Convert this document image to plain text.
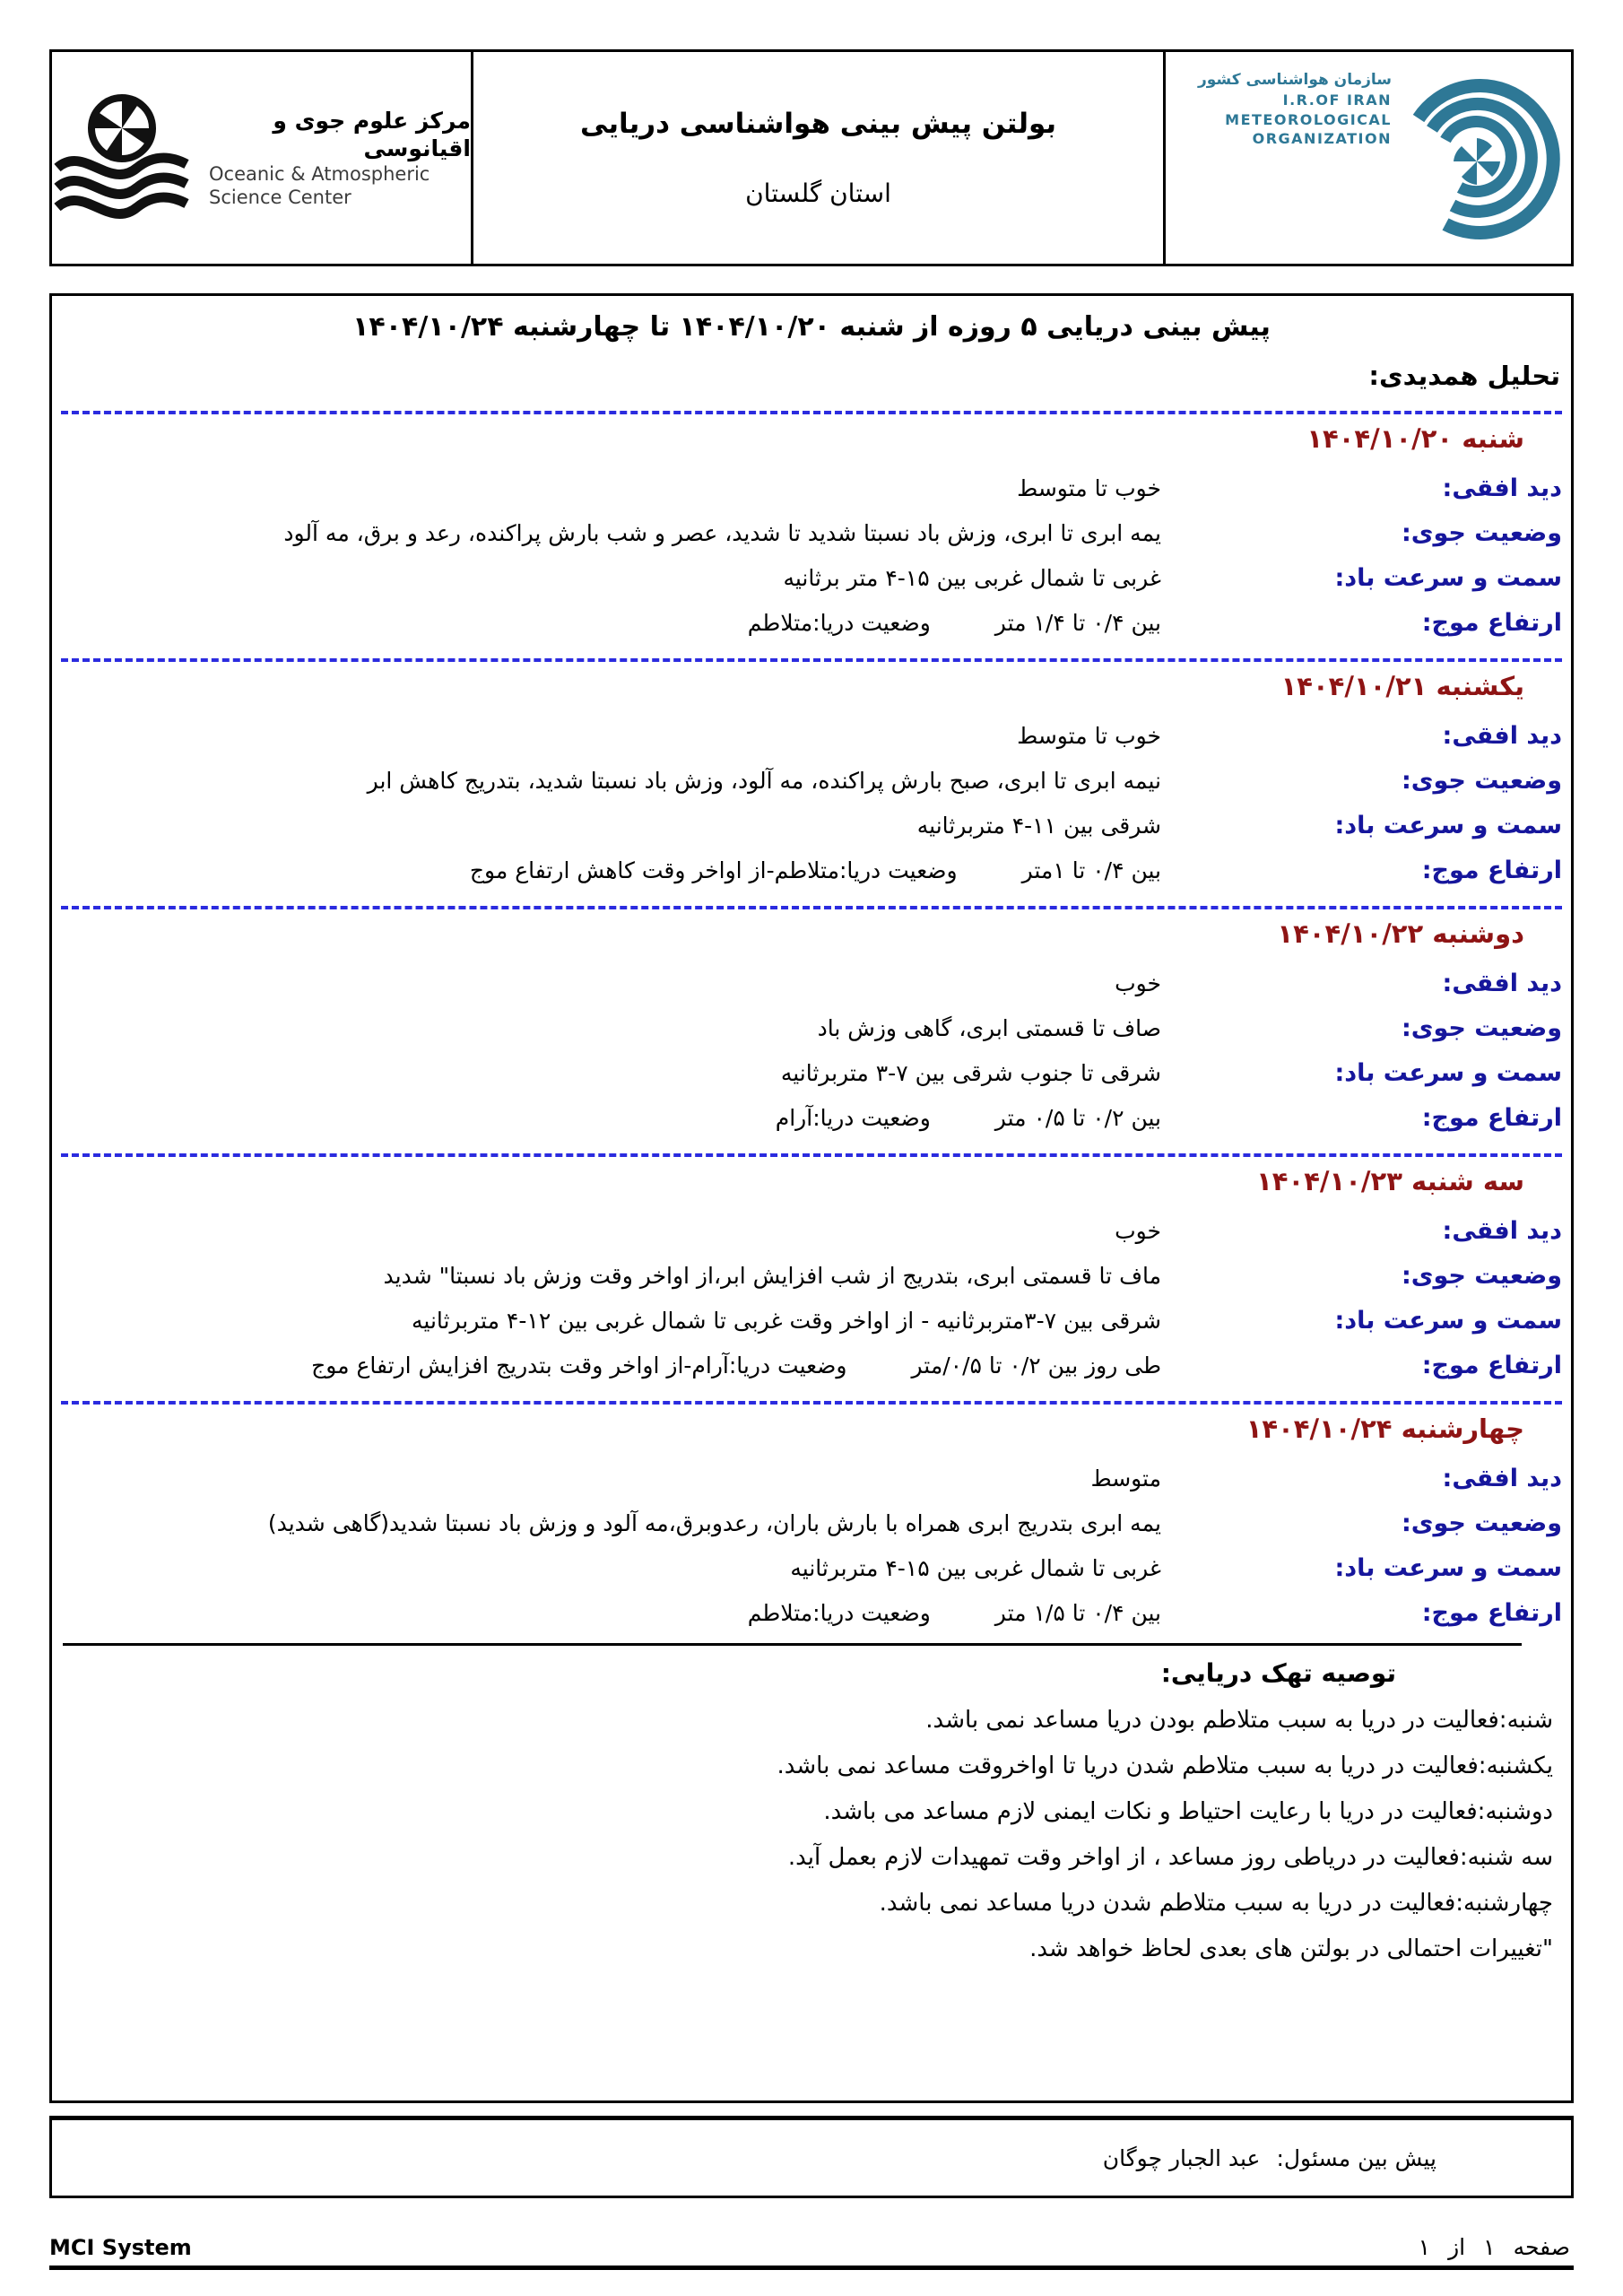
مرکز علوم جوی و اقیانوسی
Oceanic & Atmospheric
Science Center
بولتن پیش بینی هواشناسی دریایی
استان گلستان
سازمان هواشناسی کشور
I.R.OF IRAN
METEOROLOGICAL
ORGANIZATION
پیش بینی دریایی ۵ روزه از شنبه ۱۴۰۴/۱۰/۲۰ تا چهارشنبه ۱۴۰۴/۱۰/۲۴
تحلیل همدیدی:
شنبه ۱۴۰۴/۱۰/۲۰
دید افقی:
خوب تا متوسط
وضعیت جوی:
یمه ابری تا ابری، وزش باد نسبتا شدید تا شدید، عصر و شب بارش پراکنده، رعد و برق، مه آلود
سمت و سرعت باد:
غربی تا شمال غربی بین ۱۵-۴ متر برثانیه
ارتفاع موج:
بین ۰/۴ تا ۱/۴ متر
وضعیت دریا:متلاطم
یکشنبه ۱۴۰۴/۱۰/۲۱
دید افقی:
خوب تا متوسط
وضعیت جوی:
نیمه ابری تا ابری، صبح بارش پراکنده، مه آلود، وزش باد نسبتا شدید، بتدریج کاهش ابر
سمت و سرعت باد:
شرقی بین ۱۱-۴ متربرثانیه
ارتفاع موج:
بین ۰/۴ تا ۱متر
وضعیت دریا:متلاطم-از اواخر وقت کاهش ارتفاع موج
دوشنبه ۱۴۰۴/۱۰/۲۲
دید افقی:
خوب
وضعیت جوی:
صاف تا قسمتی ابری، گاهی وزش باد
سمت و سرعت باد:
شرقی تا جنوب شرقی بین ۷-۳ متربرثانیه
ارتفاع موج:
بین ۰/۲ تا ۰/۵ متر
وضعیت دریا:آرام
سه شنبه ۱۴۰۴/۱۰/۲۳
دید افقی:
خوب
وضعیت جوی:
ماف تا قسمتی ابری، بتدریج از شب افزایش ابر،از اواخر وقت وزش باد نسبتا" شدید
سمت و سرعت باد:
شرقی بین ۷-۳متربرثانیه - از اواخر وقت غربی تا شمال غربی بین ۱۲-۴ متربرثانیه
ارتفاع موج:
طی روز بین ۰/۲ تا ۰/۵/متر
وضعیت دریا:آرام-از اواخر وقت بتدریج افزایش ارتفاع موج
چهارشنبه ۱۴۰۴/۱۰/۲۴
دید افقی:
متوسط
وضعیت جوی:
یمه ابری بتدریج ابری همراه با بارش باران، رعدوبرق،مه آلود و وزش باد نسبتا شدید(گاهی شدید)
سمت و سرعت باد:
غربی تا شمال غربی بین ۱۵-۴ متربرثانیه
ارتفاع موج:
بین ۰/۴ تا ۱/۵ متر
وضعیت دریا:متلاطم
توصیه تهک دریایی:
شنبه:فعالیت در دریا به سبب متلاطم بودن دریا مساعد نمی باشد.
یکشنبه:فعالیت در دریا به سبب متلاطم شدن دریا تا اواخروقت مساعد نمی باشد.
دوشنبه:فعالیت در دریا با رعایت احتیاط و نکات ایمنی لازم مساعد می باشد.
سه شنبه:فعالیت در دریاطی روز مساعد ، از اواخر وقت تمهیدات لازم بعمل آید.
چهارشنبه:فعالیت در دریا به سبب متلاطم شدن دریا مساعد نمی باشد.
"تغییرات احتمالی در بولتن های بعدی لحاظ خواهد شد.
پیش بین مسئول:
عبد الجبار چوگان
MCI System	صفحه
۱
از
۱
